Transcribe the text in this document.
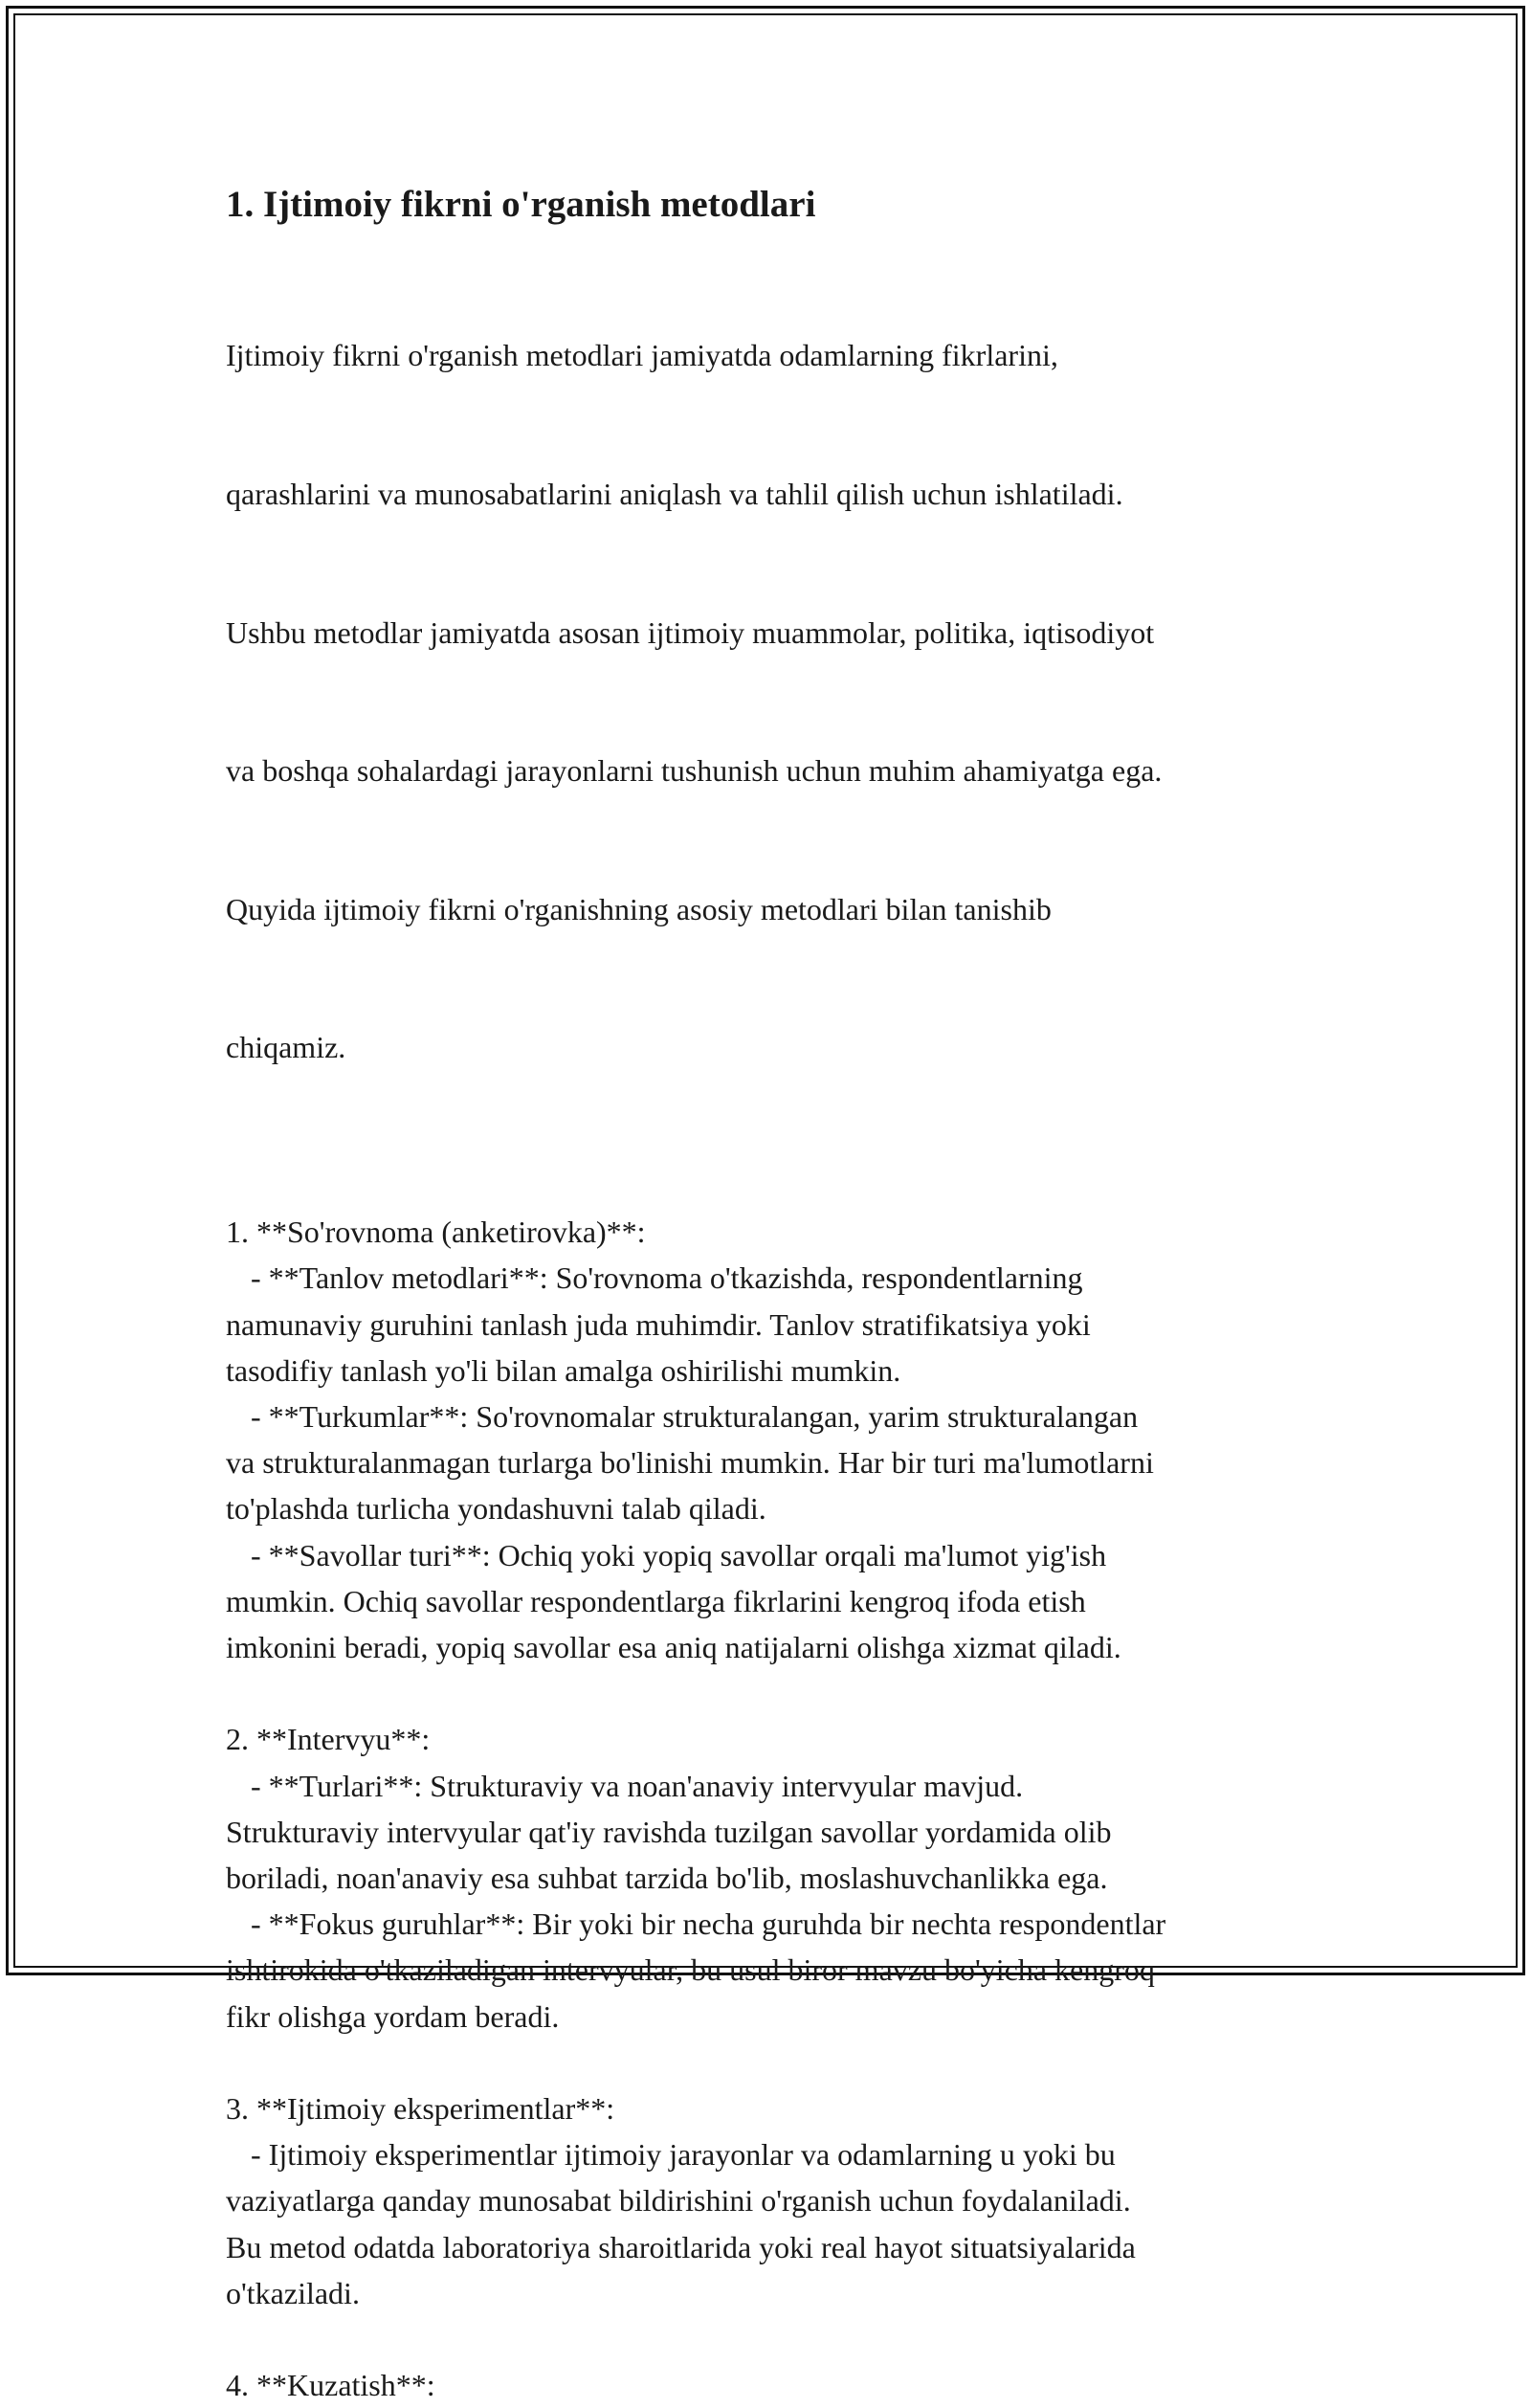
1. Ijtimoiy fikrni o'rganish metodlari

Ijtimoiy fikrni o'rganish metodlari jamiyatda odamlarning fikrlarini,

qarashlarini va munosabatlarini aniqlash va tahlil qilish uchun ishlatiladi.

Ushbu metodlar jamiyatda asosan ijtimoiy muammolar, politika, iqtisodiyot

va boshqa sohalardagi jarayonlarni tushunish uchun muhim ahamiyatga ega.

Quyida ijtimoiy fikrni o'rganishning asosiy metodlari bilan tanishib

chiqamiz.

1. **So'rovnoma (anketirovka)**:
- **Tanlov metodlari**: So'rovnoma o'tkazishda, respondentlarning
namunaviy guruhini tanlash juda muhimdir. Tanlov stratifikatsiya yoki
tasodifiy tanlash yo'li bilan amalga oshirilishi mumkin.
- **Turkumlar**: So'rovnomalar strukturalangan, yarim strukturalangan
va strukturalanmagan turlarga bo'linishi mumkin. Har bir turi ma'lumotlarni
to'plashda turlicha yondashuvni talab qiladi.
- **Savollar turi**: Ochiq yoki yopiq savollar orqali ma'lumot yig'ish
mumkin. Ochiq savollar respondentlarga fikrlarini kengroq ifoda etish
imkonini beradi, yopiq savollar esa aniq natijalarni olishga xizmat qiladi.
2. **Intervyu**:
- **Turlari**: Strukturaviy va noan'anaviy intervyular mavjud.
Strukturaviy intervyular qat'iy ravishda tuzilgan savollar yordamida olib
boriladi, noan'anaviy esa suhbat tarzida bo'lib, moslashuvchanlikka ega.
- **Fokus guruhlar**: Bir yoki bir necha guruhda bir nechta respondentlar
ishtirokida o'tkaziladigan intervyular, bu usul biror mavzu bo'yicha kengroq
fikr olishga yordam beradi.
3. **Ijtimoiy eksperimentlar**:
- Ijtimoiy eksperimentlar ijtimoiy jarayonlar va odamlarning u yoki bu
vaziyatlarga qanday munosabat bildirishini o'rganish uchun foydalaniladi.
Bu metod odatda laboratoriya sharoitlarida yoki real hayot situatsiyalarida
o'tkaziladi.
4. **Kuzatish**:
